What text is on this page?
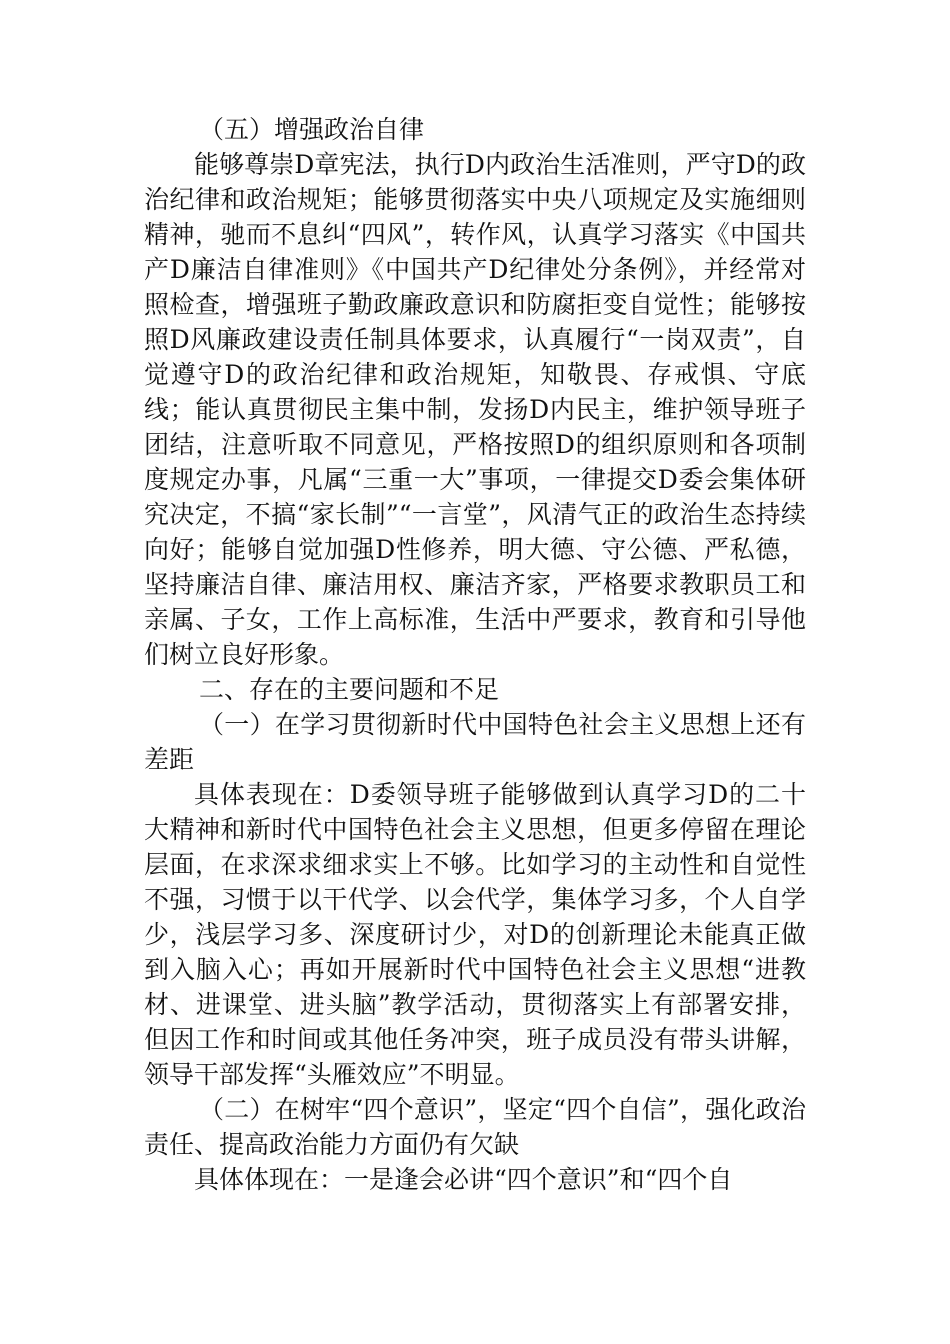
（五）增强政治自律

能够尊崇D章宪法，执行D内政治生活准则，严守D的政治纪律和政治规矩；能够贯彻落实中央八项规定及实施细则精神，驰而不息纠“四风”，转作风，认真学习落实《中国共产D廉洁自律准则》《中国共产D纪律处分条例》，并经常对照检查，增强班子勤政廉政意识和防腐拒变自觉性；能够按照D风廉政建设责任制具体要求，认真履行“一岗双责”，自觉遵守D的政治纪律和政治规矩，知敬畏、存戒惧、守底线；能认真贯彻民主集中制，发扬D内民主，维护领导班子团结，注意听取不同意见，严格按照D的组织原则和各项制度规定办事，凡属“三重一大”事项，一律提交D委会集体研究决定，不搞“家长制”“一言堂”，风清气正的政治生态持续向好；能够自觉加强D性修养，明大德、守公德、严私德，坚持廉洁自律、廉洁用权、廉洁齐家，严格要求教职员工和亲属、子女，工作上高标准，生活中严要求，教育和引导他们树立良好形象。

二、存在的主要问题和不足

（一）在学习贯彻新时代中国特色社会主义思想上还有差距

具体表现在：D委领导班子能够做到认真学习D的二十大精神和新时代中国特色社会主义思想，但更多停留在理论层面，在求深求细求实上不够。比如学习的主动性和自觉性不强，习惯于以干代学、以会代学，集体学习多，个人自学少，浅层学习多、深度研讨少，对D的创新理论未能真正做到入脑入心；再如开展新时代中国特色社会主义思想“进教材、进课堂、进头脑”教学活动，贯彻落实上有部署安排，但因工作和时间或其他任务冲突，班子成员没有带头讲解，领导干部发挥“头雁效应”不明显。

（二）在树牢“四个意识”，坚定“四个自信”，强化政治责任、提高政治能力方面仍有欠缺

具体体现在：一是逢会必讲“四个意识”和“四个自
